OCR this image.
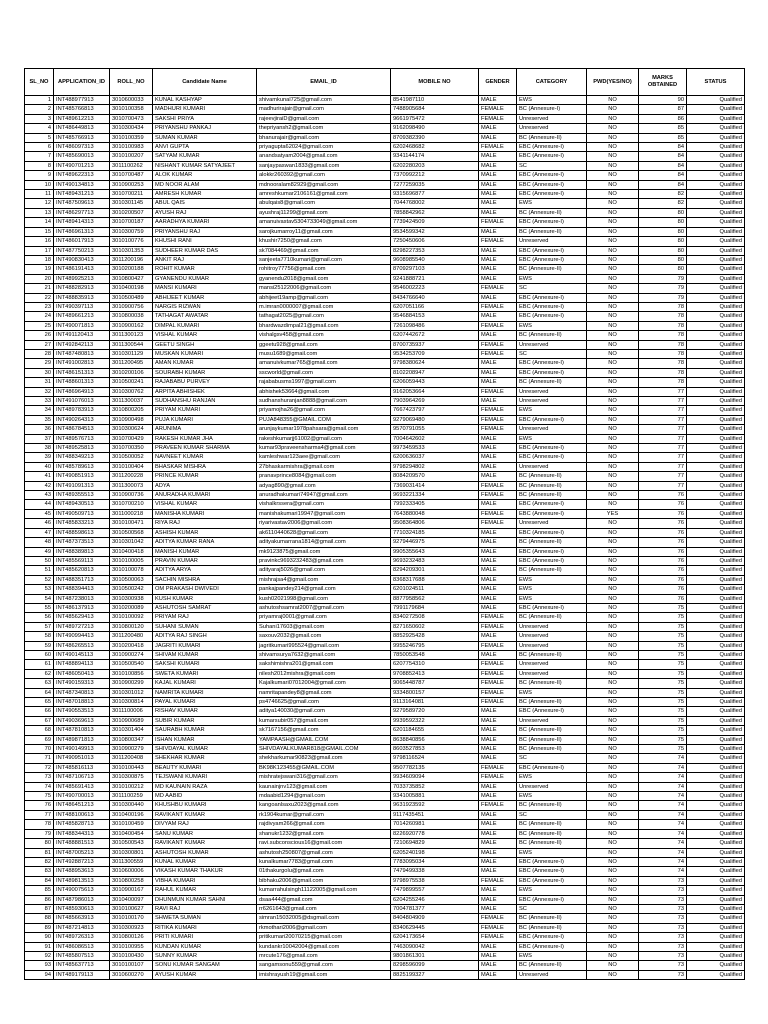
SL_NO	APPLICATION_ID	ROLL_NO	Candidate Name	EMAIL_ID	MOBILE NO	GENDER	CATEGORY	PWD(YES/NO)	MARKS OBTAINED	STATUS
1	INT488977913	3010600033	KUNAL KASHYAP	shivamkunal725@gmail.com	8541987110	MALE	EWS	NO	90	Qualified
2	INT485766813	3010100358	MADHURI KUMARI	madhurirajair@gmail.com	7488905684	FEMALE	BC (Annexure-I)	NO	87	Qualified
3	INT489612213	3010700473	SAKSHI PRIYA	rajeevjiraiD@gmail.com	9661975472	FEMALE	Unreserved	NO	86	Qualified
4	INT486449813	3010300434	PRIYANSHU PANKAJ	thepriyansh2@gmail.com	9162098490	MALE	Unreserved	NO	85	Qualified
5	INT485766913	3010100359	SUMAN KUMAR	bhanurajair@gmail.com	8709382390	MALE	BC (Annexure-II)	NO	85	Qualified
6	INT486097313	3010100983	ANVI GUPTA	priyagupta62024@gmail.com	6202468682	FEMALE	EBC (Annexure-I)	NO	84	Qualified
7	INT485690013	3010100207	SATYAM KUMAR	anandsatyam2004@gmail.com	9341144174	MALE	EBC (Annexure-I)	NO	84	Qualified
8	INT490701213	3011100262	NISHANT KUMAR SATYAJEET	sanjaypaswan1833@gmail.com	6202280203	MALE	SC	NO	84	Qualified
9	INT489622313	3010700487	ALOK KUMAR	alokkr260392@gmail.com	7370992212	MALE	EBC (Annexure-I)	NO	84	Qualified
10	INT490134813	3010900253	MD NOOR ALAM	mdnooralam82929@gmail.com	7277259035	MALE	EBC (Annexure-I)	NO	84	Qualified
11	INT489431213	3010700211	AMRESH KUMAR	amreshkumar2106161@gmail.com	9315696877	MALE	EBC (Annexure-I)	NO	82	Qualified
12	INT487509613	3010301145	ABUL QAIS	abulqais8@gmail.com	7044768002	MALE	EWS	NO	82	Qualified
13	INT486297713	3010200507	AYUSH RAJ	ayushraj11299@gmail.com	7858842962	MALE	BC (Annexure-II)	NO	80	Qualified
14	INT489414313	3010700187	AARADHYA KUMARI	amanuivastav5304733049@gmail.com	7739424509	FEMALE	EBC (Annexure-I)	NO	80	Qualified
15	INT486961313	3010300759	PRIYANSHU RAJ	sarojkumarroy11@gmail.com	9534599342	MALE	BC (Annexure-II)	NO	80	Qualified
16	INT486017913	3010100776	KHUSHI RANI	khushir7250@gmail.com	7250450606	FEMALE	Unreserved	NO	80	Qualified
17	INT487750213	3010301353	SUDHEER KUMAR DAS	sk7084469@gmail.com	8298227353	MALE	EBC (Annexure-I)	NO	80	Qualified
18	INT490830413	3011200196	ANKIT RAJ	sanjeeta7710kumari@gmail.com	9608985540	MALE	EBC (Annexure-I)	NO	80	Qualified
19	INT486191413	3010200188	ROHIT KUMAR	rohitroy77756@gmail.com	8709297103	MALE	BC (Annexure-II)	NO	80	Qualified
20	INT489925213	3010800427	GYANENDU KUMAR	gyanendu2018@gmail.com	9241888721	MALE	EWS	NO	79	Qualified
21	INT488282913	3010400198	MANSI KUMARI	mansi25122006@gmail.com	9546002223	FEMALE	SC	NO	79	Qualified
22	INT488835913	3010500489	ABHIJEET KUMAR	abhijeet19amp@gmail.com	8434766640	MALE	EBC (Annexure-I)	NO	79	Qualified
23	INT490397113	3010900756	NARGIS RIZWAN	m.imran0000007@gmail.com	6207051166	FEMALE	EBC (Annexure-I)	NO	78	Qualified
24	INT489661213	3010800038	TATHAGAT AWATAR	tathagat2025@gmail.com	9546884153	MALE	EBC (Annexure-I)	NO	78	Qualified
25	INT490071813	3010900162	DIMPAL KUMARI	bhardwazdimpal21@gmail.com	7261098486	FEMALE	EWS	NO	78	Qualified
26	INT491120413	3011300123	VISHAL KUMAR	vishalgsv458@gmail.com	6207442672	MALE	BC (Annexure-II)	NO	78	Qualified
27	INT492842113	3011300544	GEETU SINGH	ggeetu928@gmail.com	8700735937	FEMALE	Unreserved	NO	78	Qualified
28	INT487480813	3010301129	MUSKAN KUMARI	musu1689@gmail.com	9534253709	FEMALE	SC	NO	78	Qualified
29	INT491002813	3011200495	AMAN KUMAR	amanuivkumar765@gmail.com	9798380624	MALE	EBC (Annexure-I)	NO	78	Qualified
30	INT486151313	3010200106	SOURABH KUMAR	sscworld@gmail.com	8102208947	MALE	EBC (Annexure-I)	NO	78	Qualified
31	INT488601313	3010500241	RAJABABU PURVEY	rajababusms1997@gmail.com	6206059443	MALE	BC (Annexure-II)	NO	78	Qualified
32	INT486964913	3010300762	ARPITA ABHISHEK	abhishek53664@gmail.com	9162053664	FEMALE	Unreserved	NO	77	Qualified
33	INT491076013	3011300037	SUDHANSHU RANJAN	sudhanshuranjan8888@gmail.com	7903964269	MALE	Unreserved	NO	77	Qualified
34	INT489783913	3010800205	PRIYAM KUMARI	priyamojha26@gmail.com	7667423797	FEMALE	EWS	NO	77	Qualified
35	INT490264313	3010900498	PUJA KUMARI	PUJA848355@GMAIL.COM	9279069480	FEMALE	EBC (Annexure-I)	NO	77	Qualified
36	INT486784513	3010300624	ARUNIMA	arunjaykumar1978pahsara@gmail.com	9570791055	FEMALE	Unreserved	NO	77	Qualified
37	INT489576713	3010700429	RAKESH KUMAR JHA	rakeshkumarjj61002@gmail.com	7004642602	MALE	EWS	NO	77	Qualified
38	INT489525813	3010700350	PRAVEEN KUMAR SHARMA	kumar93praveensharma4@gmail.com	9973459533	MALE	EBC (Annexure-I)	NO	77	Qualified
39	INT488349213	3010500052	NAVNEET KUMAR	kamleshwar123aee@gmail.com	6200636037	MALE	EBC (Annexure-I)	NO	77	Qualified
40	INT485789613	3010100404	BHASKAR MISHRA	27bhaskarmishra@gmail.com	9798294802	MALE	Unreserved	NO	77	Qualified
41	INT490851913	3011200228	PRINCE KUMAR	pranavprince8084@gmail.com	8084209570	MALE	BC (Annexure-II)	NO	77	Qualified
42	INT491091313	3011300073	ADYA	adyag890@gmail.com	7369031414	FEMALE	BC (Annexure-II)	NO	77	Qualified
43	INT489355513	3010900736	ANURADHA KUMARI	anuradhakumari74947@gmail.com	9693221334	FEMALE	BC (Annexure-II)	NO	76	Qualified
44	INT489430513	3010700210	VISHAL KUMAR	vishalkrssera@gmail.com	7992333405	MALE	EBC (Annexure-I)	NO	76	Qualified
45	INT490509713	3011000218	MANISHA KUMARI	manishakumari19947@gmail.com	7643880048	FEMALE	EBC (Annexure-I)	YES	76	Qualified
46	INT485833213	3010100471	RIYA RAJ	riyarivastav2006@gmail.com	9508364806	FEMALE	Unreserved	NO	76	Qualified
47	INT488598613	3010500568	ASHISH KUMAR	ak6110440628@gmail.com	7710324185	MALE	EBC (Annexure-I)	NO	76	Qualified
48	INT487373513	3010301042	ADITYA KUMAR RANA	adityakumarrana1814@gmail.com	9279446975	MALE	BC (Annexure-II)	NO	76	Qualified
49	INT488389813	3010400418	MANISH KUMAR	mk9123875@gmail.com	9905355643	MALE	EBC (Annexure-I)	NO	76	Qualified
50	INT485569113	3010100005	PRAVIN KUMAR	pravinkc9693232483@gmail.com	9693232483	MALE	EBC (Annexure-I)	NO	76	Qualified
51	INT485620813	3010100078	ADITYA ARYA	adityaraj5026@gmail.com	8294209301	MALE	BC (Annexure-II)	NO	76	Qualified
52	INT488351713	3010500063	SACHIN MISHRA	mishrajsa4@gmail.com	8368317688	MALE	EWS	NO	76	Qualified
53	INT488394413	3010500242	OM PRAKASH DWIVEDI	pankajpandey214@gmail.com	6201024511	MALE	EWS	NO	76	Qualified
54	INT487238013	3010300938	KUSH KUMAR	kush02021998@gmail.com	8877958562	MALE	EWS	NO	76	Qualified
55	INT486137913	3010200089	ASHUTOSH SAMRAT	ashutoshsamrat2007@gmail.com	7991179684	MALE	EBC (Annexure-I)	NO	75	Qualified
56	INT485629413	3010100092	PRIYAM RAJ	priyamraj0001@gmail.com	8340272508	FEMALE	BC (Annexure-II)	NO	75	Qualified
57	INT489727213	3010800120	SUHANI SUMAN	Suhani17603@gmail.com	8271650602	FEMALE	Unreserved	NO	75	Qualified
58	INT490994413	3011200480	ADITYA RAJ SINGH	saxouv2032@gmail.com	8852925428	MALE	Unreserved	NO	75	Qualified
59	INT486265513	3010200418	JAGRITI KUMARI	jagritkumari995524@gmail.com	9955246795	FEMALE	Unreserved	NO	75	Qualified
60	INT490145113	3010900274	SHIVAM KUMAR	shivamsurya7632@gmail.com	7850053548	MALE	BC (Annexure-II)	NO	75	Qualified
61	INT488894113	3010500540	SAKSHI KUMARI	sakshimishra201@gmail.com	6207754310	FEMALE	Unreserved	NO	75	Qualified
62	INT486050413	3010100856	SWETA KUMARI	nilesh2012mishra@gmail.com	9708852413	FEMALE	Unreserved	NO	75	Qualified
63	INT490159313	3010900299	KAJAL KUMARI	Kajalkumari07012004@gmail.com	9065448787	FEMALE	BC (Annexure-II)	NO	75	Qualified
64	INT487340813	3010301012	NAMRITA KUMARI	namritapandey8@gmail.com	9334800157	FEMALE	EWS	NO	75	Qualified
65	INT487018813	3010300814	PAYAL KUMARI	ps4746625@gmail.com	9113164081	FEMALE	BC (Annexure-II)	NO	75	Qualified
66	INT490553513	3011100006	RISHAV KUMAR	aditya140030@gmail.com	9279589720	MALE	EBC (Annexure-I)	NO	75	Qualified
67	INT490369613	3010900689	SUBIR KUMAR	kumarsubir057@gmail.com	9939592322	MALE	Unreserved	NO	75	Qualified
68	INT487810813	3010301404	SAURABH KUMAR	sk7167156@gmail.com	6201184655	MALE	BC (Annexure-II)	NO	75	Qualified
69	INT489871813	3010800347	ISHAN KUMAR	YAMPAASH@GMAIL.COM	8638840856	MALE	BC (Annexure-II)	NO	75	Qualified
70	INT490149913	3010900279	SHIVDAYAL KUMAR	SHIVDAYALKUMAR818@GMAIL.COM	8603527853	MALE	BC (Annexure-II)	NO	75	Qualified
71	INT490951013	3011200408	SHEKHAR KUMAR	shekharkumar90823@gmail.com	9798116524	MALE	SC	NO	74	Qualified
72	INT485816113	3010100443	BEAUTY KUMARI	BK98K123455@GMAIL.COM	9507782135	FEMALE	EBC (Annexure-I)	NO	74	Qualified
73	INT487106713	3010300875	TEJSWANI KUMARI	mishratejswani316@gmail.com	9934609094	FEMALE	EWS	NO	74	Qualified
74	INT485691413	3010100212	MD KAUNAIN RAZA	kaunainjnv123@gmail.com	7033735852	MALE	Unreserved	NO	74	Qualified
75	INT490700013	3011100259	MD AABID	mdaabid1294@gmail.com	9341005881	MALE	EWS	NO	74	Qualified
76	INT486451213	3010300440	KHUSHBU KUMARI	kangoanlsaxu2023@gmail.com	9631923592	FEMALE	BC (Annexure-II)	NO	74	Qualified
77	INT488100613	3010400196	RAVIKANT KUMAR	rk1904kumar@gmail.com	9117435451	MALE	SC	NO	74	Qualified
78	INT485828713	3010100459	DIVYAM RAJ	rajdivyam266@gmail.com	7014260981	MALE	BC (Annexure-II)	NO	74	Qualified
79	INT488344313	3010400454	SANU KUMAR	shanukr1232@gmail.com	8226920778	MALE	BC (Annexure-II)	NO	74	Qualified
80	INT488881513	3010500543	RAVIKANT KUMAR	ravi.subconscious16@gmail.com	7210694829	MALE	BC (Annexure-II)	NO	74	Qualified
81	INT487005213	3010300801	ASHUTOSH KUMAR	ashutosh250807@gmail.com	6205240198	MALE	EWS	NO	74	Qualified
82	INT492887213	3011300559	KUNAL KUMAR	kunalkumar7783@gmail.com	7783095034	MALE	EBC (Annexure-I)	NO	74	Qualified
83	INT488953613	3010600006	VIKASH KUMAR THAKUR	01thakurgolu@gmail.com	7479499338	MALE	EBC (Annexure-I)	NO	74	Qualified
84	INT489813513	3010800258	VIBHA KUMARI	bibhaku2006@gmail.com	9798975538	FEMALE	EBC (Annexure-I)	NO	73	Qualified
85	INT490075613	3010900167	RAHUL KUMAR	kumarrahulsingh11122005@gmail.com	7479899557	MALE	EWS	NO	73	Qualified
86	INT487986013	3010400097	DHUNMUN KUMAR SAHNI	dsaa444@gmail.com	6204255246	MALE	EBC (Annexure-I)	NO	73	Qualified
87	INT485930613	3010100627	RAVI RAJ	rr6261643@gmail.com	7004781377	MALE	SC	NO	73	Qualified
88	INT485663913	3010100170	SHWETA SUMAN	simran15032005@dsgmail.com	8404804909	FEMALE	BC (Annexure-II)	NO	73	Qualified
89	INT487214813	3010300923	RITIKA KUMARI	rkmothari2006@gmail.com	8340629445	FEMALE	BC (Annexure-II)	NO	73	Qualified
90	INT489726313	3010800126	PRITI KUMARI	pritikumari20070215@gmail.com	6204173654	FEMALE	EBC (Annexure-I)	NO	73	Qualified
91	INT486086513	3010100955	KUNDAN KUMAR	kundankr10042004@gmail.com	7463090042	MALE	EBC (Annexure-I)	NO	73	Qualified
92	INT485807513	3010100430	SUNNY KUMAR	mrcute176@gmail.com	9801861301	MALE	EWS	NO	73	Qualified
93	INT485637713	3010100107	SONU KUMAR SANGAM	sangamsonu559@gmail.com	8298596099	MALE	BC (Annexure-II)	NO	73	Qualified
94	INT489179113	3010600270	AYUSH KUMAR	imishrayush19@gmail.com	8825199327	MALE	Unreserved	NO	73	Qualified
